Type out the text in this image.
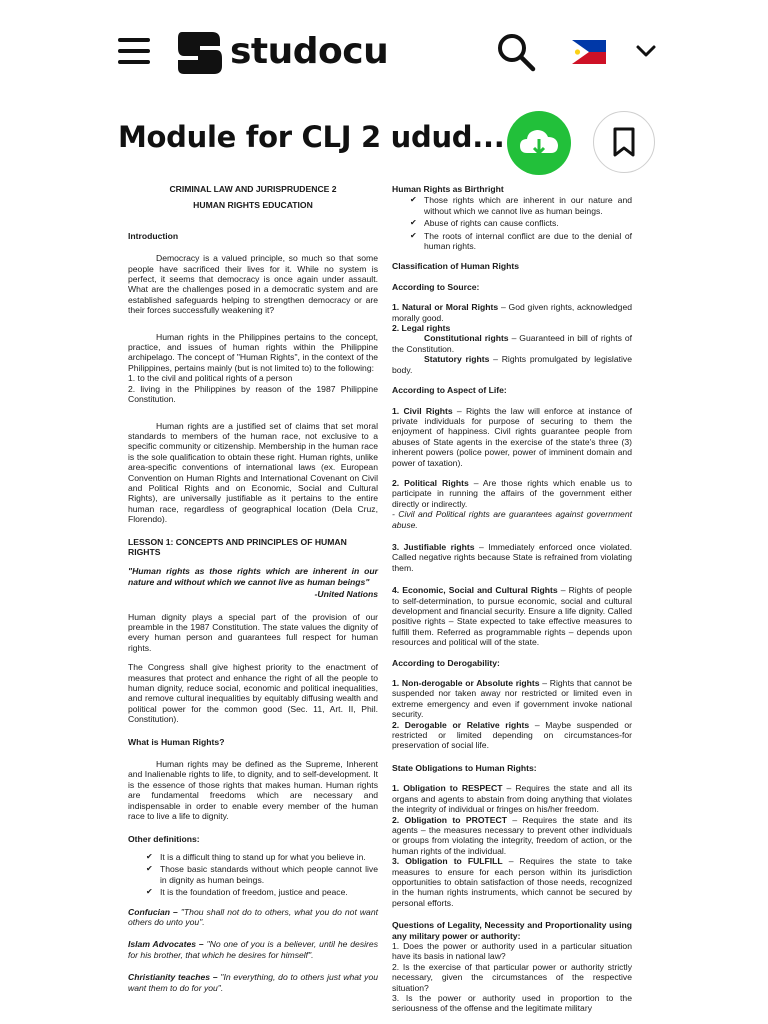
studocu
Module for CLJ 2 udud...

CRIMINAL LAW AND JURISPRUDENCE 2

HUMAN RIGHTS EDUCATION

Introduction

Democracy is a valued principle, so much so that some people have sacrificed their lives for it. While no system is perfect, it seems that democracy is once again under assault. What are the challenges posed in a democratic system and are established safeguards helping to strengthen democracy or are their forces successfully weakening it?

Human rights in the Philippines pertains to the concept, practice, and issues of human rights within the Philippine archipelago. The concept of "Human Rights", in the context of the Philippines, pertains mainly (but is not limited to) to the following:

1. to the civil and political rights of a person

2. living in the Philippines by reason of the 1987 Philippine Constitution.

Human rights are a justified set of claims that set moral standards to members of the human race, not exclusive to a specific community or citizenship. Membership in the human race is the sole qualification to obtain these right. Human rights, unlike area-specific conventions of international laws (ex. European Convention on Human Rights and International Covenant on Civil and Political Rights and on Economic, Social and Cultural Rights), are universally justifiable as it pertains to the entire human race, regardless of geographical location (Dela Cruz, Florendo).

LESSON 1: CONCEPTS AND PRINCIPLES OF HUMAN RIGHTS

"Human rights as those rights which are inherent in our nature and without which we cannot live as human beings"

-United Nations

Human dignity plays a special part of the provision of our preamble in the 1987 Constitution. The state values the dignity of every human person and guarantees full respect for human rights.

The Congress shall give highest priority to the enactment of measures that protect and enhance the right of all the people to human dignity, reduce social, economic and political inequalities, and remove cultural inequalities by equitably diffusing wealth and political power for the common good (Sec. 11, Art. II, Phil. Constitution).

What is Human Rights?

Human rights may be defined as the Supreme, Inherent and Inalienable rights to life, to dignity, and to self-development. It is the essence of those rights that makes human. Human rights are fundamental freedoms which are necessary and indispensable in order to enable every member of the human race to live a life to dignity.

Other definitions:

✔ It is a difficult thing to stand up for what you believe in.
✔ Those basic standards without which people cannot live in dignity as human beings.
✔ It is the foundation of freedom, justice and peace.

Confucian – "Thou shall not do to others, what you do not want others do unto you".

Islam Advocates – "No one of you is a believer, until he desires for his brother, that which he desires for himself".

Christianity teaches – "In everything, do to others just what you want them to do for you".

Human Rights as Birthright

✔ Those rights which are inherent in our nature and without which we cannot live as human beings.
✔ Abuse of rights can cause conflicts.
✔ The roots of internal conflict are due to the denial of human rights.

Classification of Human Rights

According to Source:

1. Natural or Moral Rights – God given rights, acknowledged morally good.

2. Legal rights

Constitutional rights – Guaranteed in bill of rights of the Constitution.

Statutory rights – Rights promulgated by legislative body.

According to Aspect of Life:

1. Civil Rights – Rights the law will enforce at instance of private individuals for purpose of securing to them the enjoyment of happiness. Civil rights guarantee people from abuses of State agents in the exercise of the state's three (3) inherent powers (police power, power of imminent domain and power of taxation).

2. Political Rights – Are those rights which enable us to participate in running the affairs of the government either directly or indirectly.

- Civil and Political rights are guarantees against government abuse.

3. Justifiable rights – Immediately enforced once violated. Called negative rights because State is refrained from violating them.

4. Economic, Social and Cultural Rights – Rights of people to self-determination, to pursue economic, social and cultural development and financial security. Ensure a life dignity. Called positive rights – State expected to take effective measures to fulfill them. Referred as programmable rights – depends upon resources and political will of the state.

According to Derogability:

1. Non-derogable or Absolute rights – Rights that cannot be suspended nor taken away nor restricted or limited even in extreme emergency and even if government invoke national security.

2. Derogable or Relative rights – Maybe suspended or restricted or limited depending on circumstances-for preservation of social life.

State Obligations to Human Rights:

1. Obligation to RESPECT – Requires the state and all its organs and agents to abstain from doing anything that violates the integrity of individual or fringes on his/her freedom.

2. Obligation to PROTECT – Requires the state and its agents – the measures necessary to prevent other individuals or groups from violating the integrity, freedom of action, or the human rights of the individual.

3. Obligation to FULFILL – Requires the state to take measures to ensure for each person within its jurisdiction opportunities to obtain satisfaction of those needs, recognized in the human rights instruments, which cannot be secured by personal efforts.

Questions of Legality, Necessity and Proportionality using any military power or authority:

1. Does the power or authority used in a particular situation have its basis in national law?

2. Is the exercise of that particular power or authority strictly necessary, given the circumstances of the respective situation?

3. Is the power or authority used in proportion to the seriousness of the offense and the legitimate military
